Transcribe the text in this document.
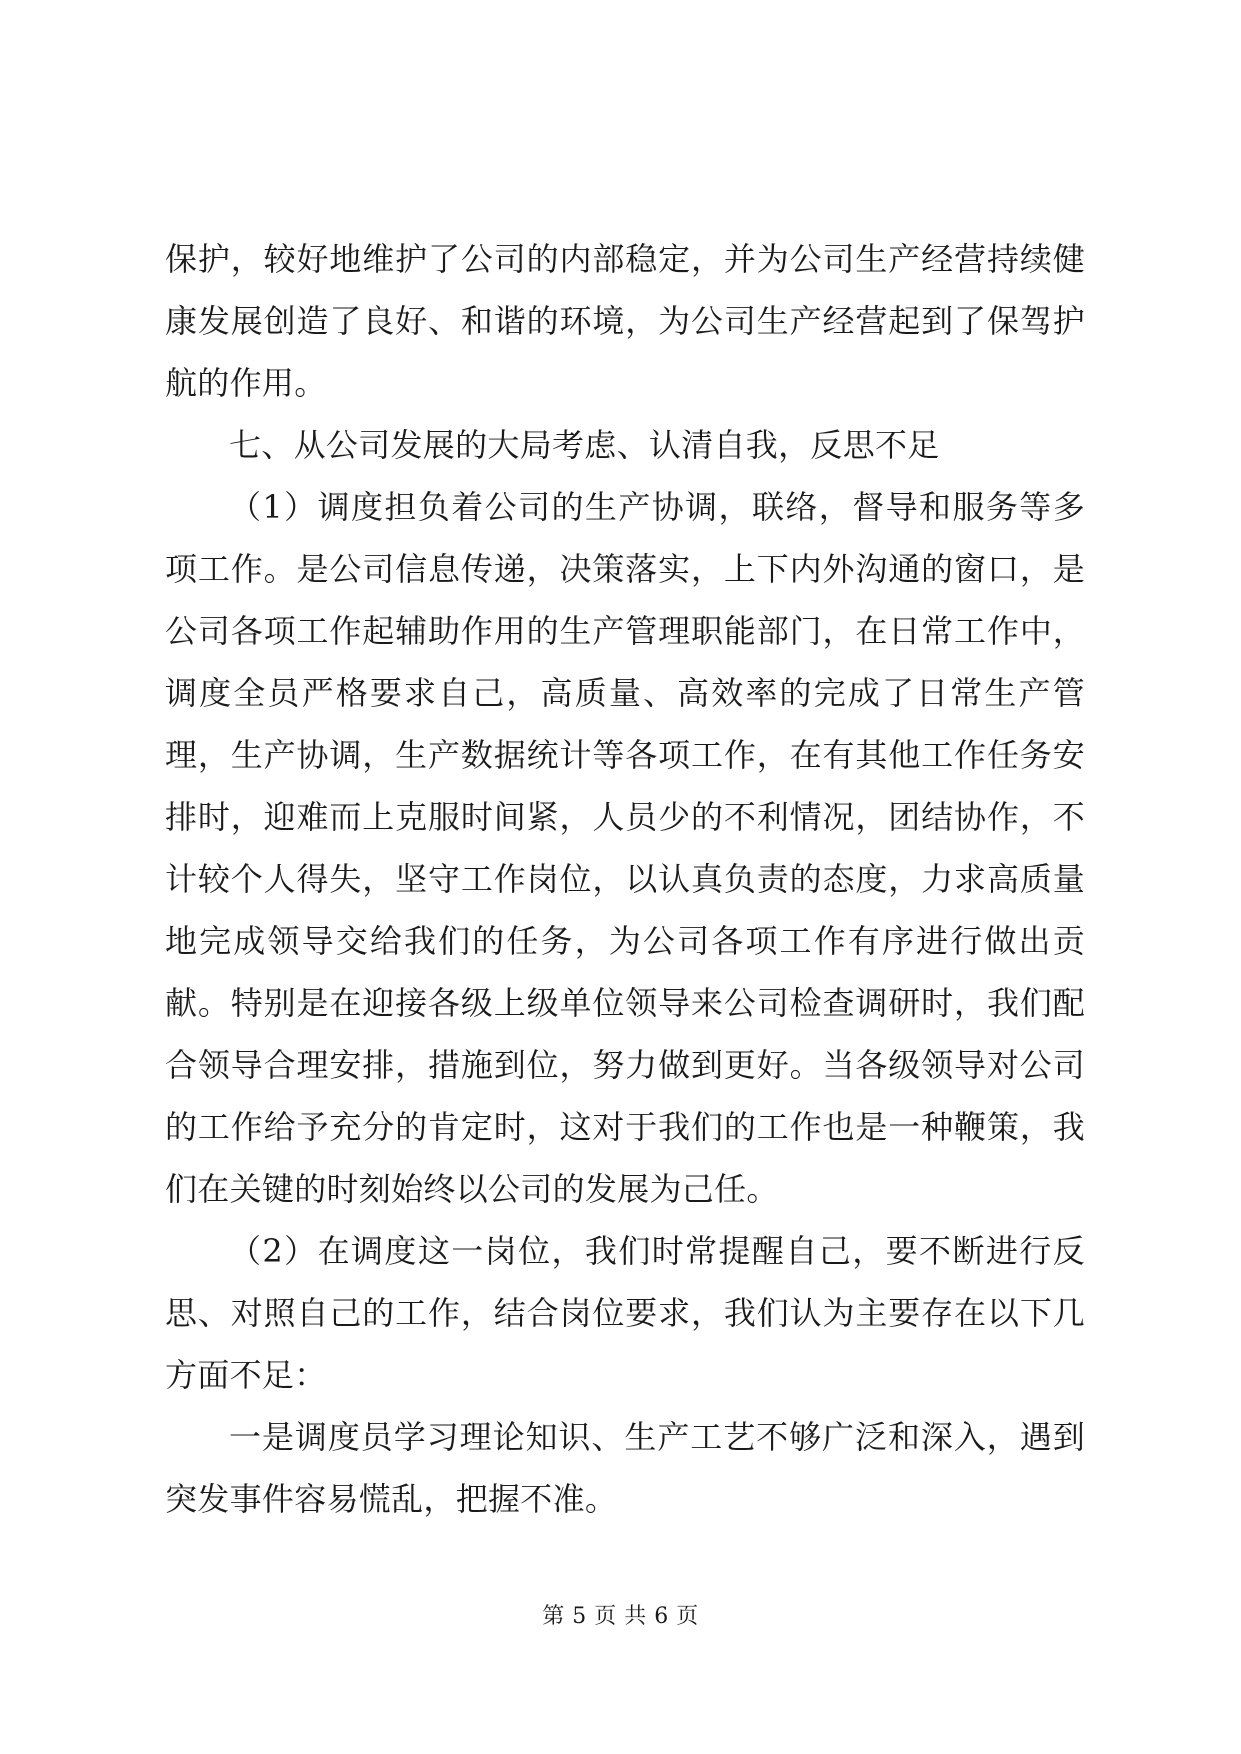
保护，较好地维护了公司的内部稳定，并为公司生产经营持续健康发展创造了良好、和谐的环境，为公司生产经营起到了保驾护航的作用。

七、从公司发展的大局考虑、认清自我，反思不足

（1）调度担负着公司的生产协调，联络，督导和服务等多项工作。是公司信息传递，决策落实，上下内外沟通的窗口，是公司各项工作起辅助作用的生产管理职能部门，在日常工作中，调度全员严格要求自己，高质量、高效率的完成了日常生产管理，生产协调，生产数据统计等各项工作，在有其他工作任务安排时，迎难而上克服时间紧，人员少的不利情况，团结协作，不计较个人得失，坚守工作岗位，以认真负责的态度，力求高质量地完成领导交给我们的任务，为公司各项工作有序进行做出贡献。特别是在迎接各级上级单位领导来公司检查调研时，我们配合领导合理安排，措施到位，努力做到更好。当各级领导对公司的工作给予充分的肯定时，这对于我们的工作也是一种鞭策，我们在关键的时刻始终以公司的发展为己任。

（2）在调度这一岗位，我们时常提醒自己，要不断进行反思、对照自己的工作，结合岗位要求，我们认为主要存在以下几方面不足：

一是调度员学习理论知识、生产工艺不够广泛和深入，遇到突发事件容易慌乱，把握不准。

第 5 页 共 6 页
